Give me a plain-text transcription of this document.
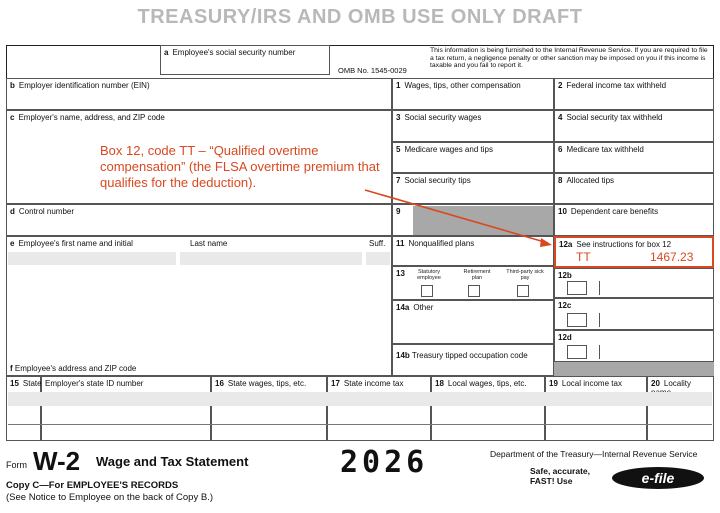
TREASURY/IRS AND OMB USE ONLY DRAFT
a Employee's social security number
OMB No. 1545-0029
This information is being furnished to the Internal Revenue Service. If you are required to file a tax return, a negligence penalty or other sanction may be imposed on you if this income is taxable and you fail to report it.
b Employer identification number (EIN)
c Employer's name, address, and ZIP code
d Control number
e Employee's first name and initial	Last name	Suff.
f Employee's address and ZIP code
1 Wages, tips, other compensation
3 Social security wages
5 Medicare wages and tips
7 Social security tips
9
11 Nonqualified plans
13	Statutory employee
Retirement plan
Third-party sick pay
14a Other
14b Treasury tipped occupation code
2 Federal income tax withheld
4 Social security tax withheld
6 Medicare tax withheld
8 Allocated tips
10 Dependent care benefits
12a See instructions for box 12
TT	1467.23
12b
12c
12d
15 State Employer's state ID number	16 State wages, tips, etc.	17 State income tax	18 Local wages, tips, etc.	19 Local income tax	20 Locality
Box 12, code TT – “Qualified overtime compensation” (the FLSA overtime premium that qualifies for the deduction).
Form W-2 Wage and Tax Statement	2026
Copy C—For EMPLOYEE'S RECORDS
(See Notice to Employee on the back of Copy B.)
Department of the Treasury—Internal Revenue Service
Safe, accurate, FAST! Use	e-file
